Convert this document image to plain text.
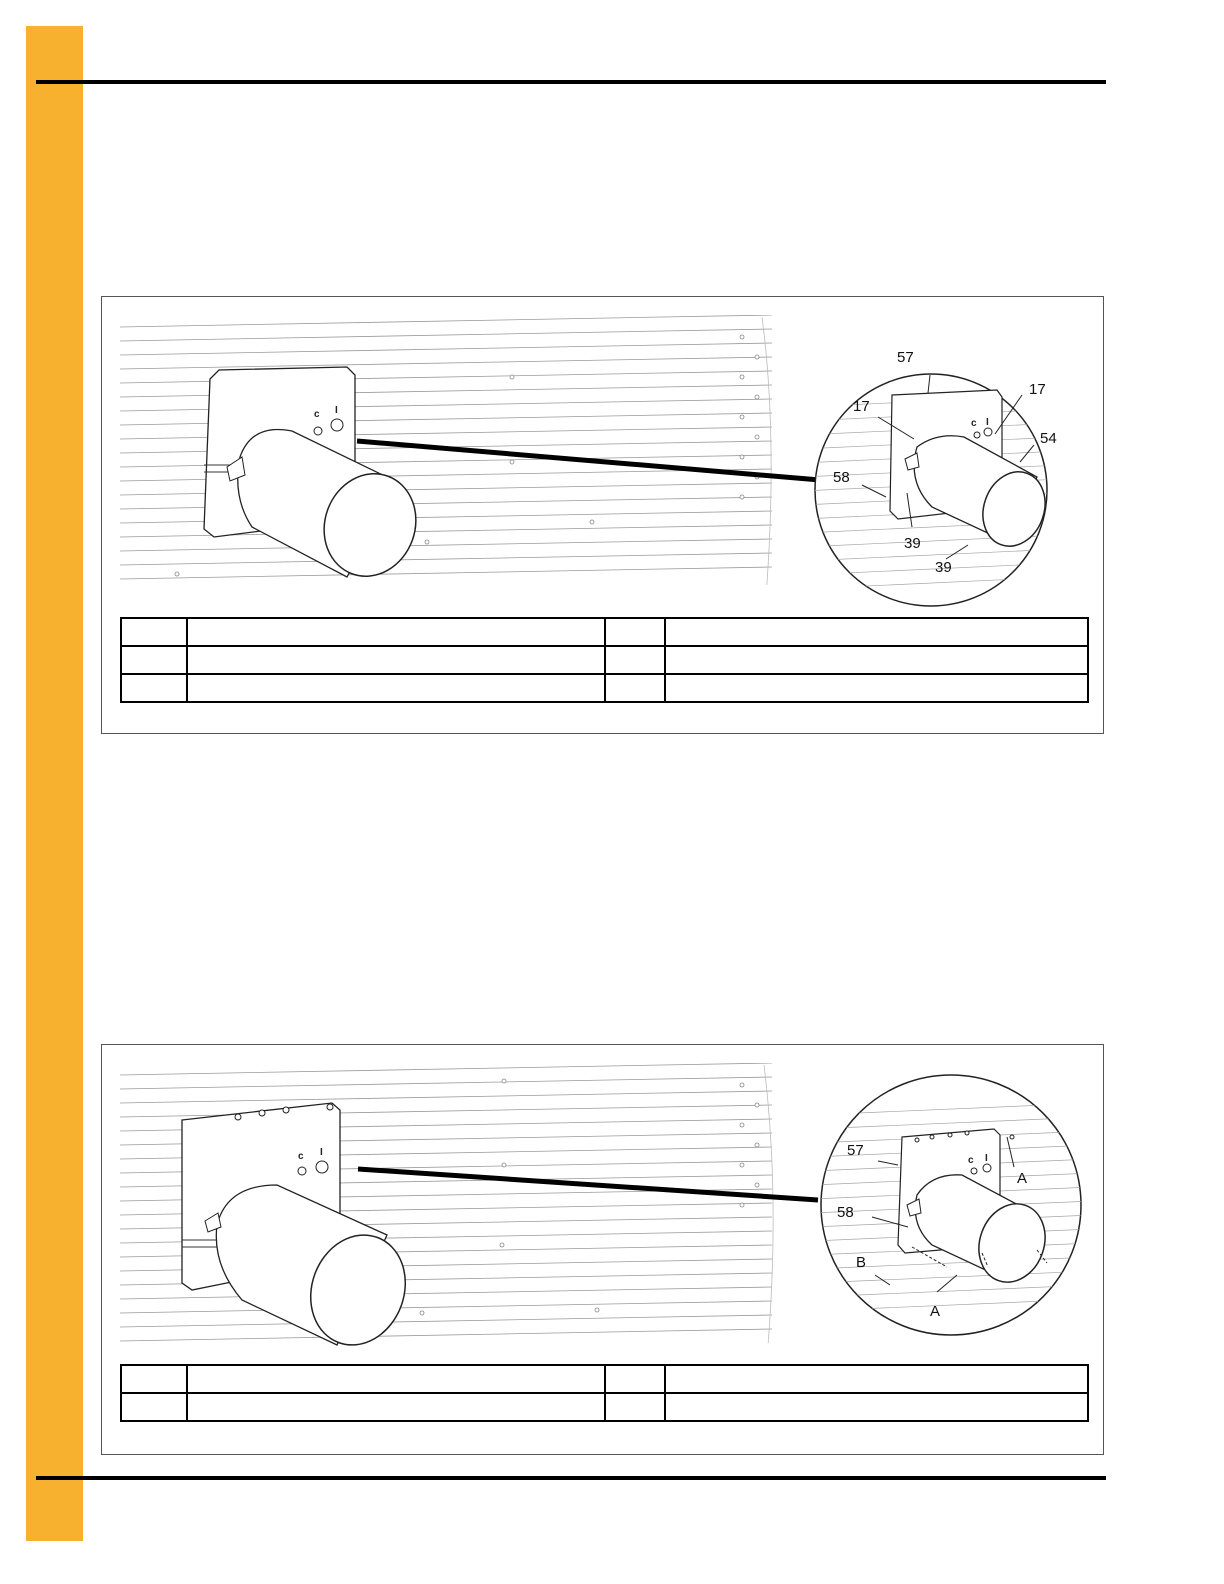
c I
c I
57
17
17
54
58
39
39

c I
c I
57
58
A
A
B
